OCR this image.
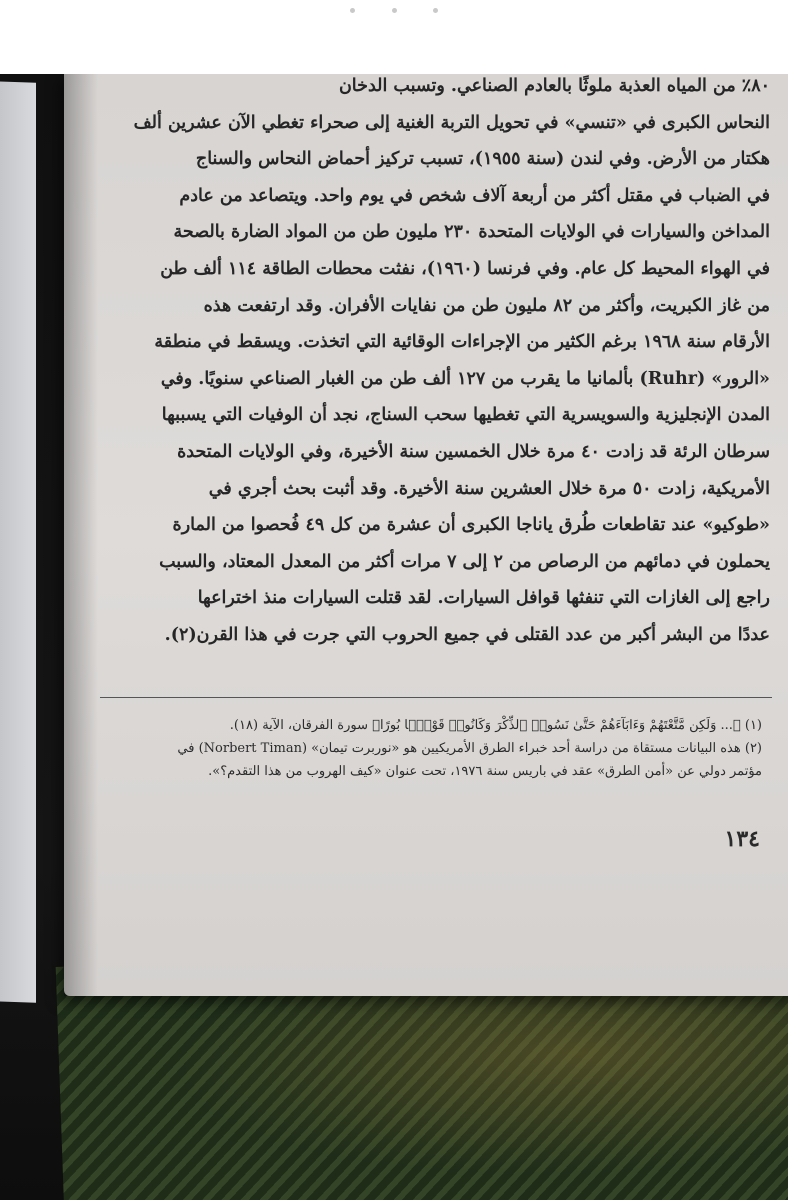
٨٠٪ من المياه العذبة ملوثًا بالعادم الصناعي. وتسبب الدخان
النحاس الكبرى في «تنسي» في تحويل التربة الغنية إلى صحراء تغطي الآن عشرين ألف
هكتار من الأرض. وفي لندن (سنة ١٩٥٥)، تسبب تركيز أحماض النحاس والسناج
في الضباب في مقتل أكثر من أربعة آلاف شخص في يوم واحد. ويتصاعد من عادم
المداخن والسيارات في الولايات المتحدة ٢٣٠ مليون طن من المواد الضارة بالصحة
في الهواء المحيط كل عام. وفي فرنسا (١٩٦٠)، نفثت محطات الطاقة ١١٤ ألف طن
من غاز الكبريت، وأكثر من ٨٢ مليون طن من نفايات الأفران. وقد ارتفعت هذه
الأرقام سنة ١٩٦٨ برغم الكثير من الإجراءات الوقائية التي اتخذت. ويسقط في منطقة
«الرور» (Ruhr) بألمانيا ما يقرب من ١٢٧ ألف طن من الغبار الصناعي سنويًا. وفي
المدن الإنجليزية والسويسرية التي تغطيها سحب السناج، نجد أن الوفيات التي يسببها
سرطان الرئة قد زادت ٤٠ مرة خلال الخمسين سنة الأخيرة، وفي الولايات المتحدة
الأمريكية، زادت ٥٠ مرة خلال العشرين سنة الأخيرة. وقد أثبت بحث أجري في
«طوكيو» عند تقاطعات طُرق ياناجا الكبرى أن عشرة من كل ٤٩ فُحصوا من المارة
يحملون في دمائهم من الرصاص من ٢ إلى ٧ مرات أكثر من المعدل المعتاد، والسبب
راجع إلى الغازات التي تنفثها قوافل السيارات. لقد قتلت السيارات منذ اختراعها
عددًا من البشر أكبر من عدد القتلى في جميع الحروب التي جرت في هذا القرن(٢).
(١) ﴿... وَلَكِن مَّتَّعْتَهُمْ وَءَابَآءَهُمْ حَتَّىٰ نَسُوا۟ ٱلذِّكْرَ وَكَانُوا۟ قَوْمًۢا بُورًا﴾ سورة الفرقان، الآية (١٨).
(٢) هذه البيانات مستقاة من دراسة أحد خبراء الطرق الأمريكيين هو «نوربرت تيمان» (Norbert Timan) في
مؤتمر دولي عن «أمن الطرق» عقد في باريس سنة ١٩٧٦، تحت عنوان «كيف الهروب من هذا التقدم؟».
١٣٤
